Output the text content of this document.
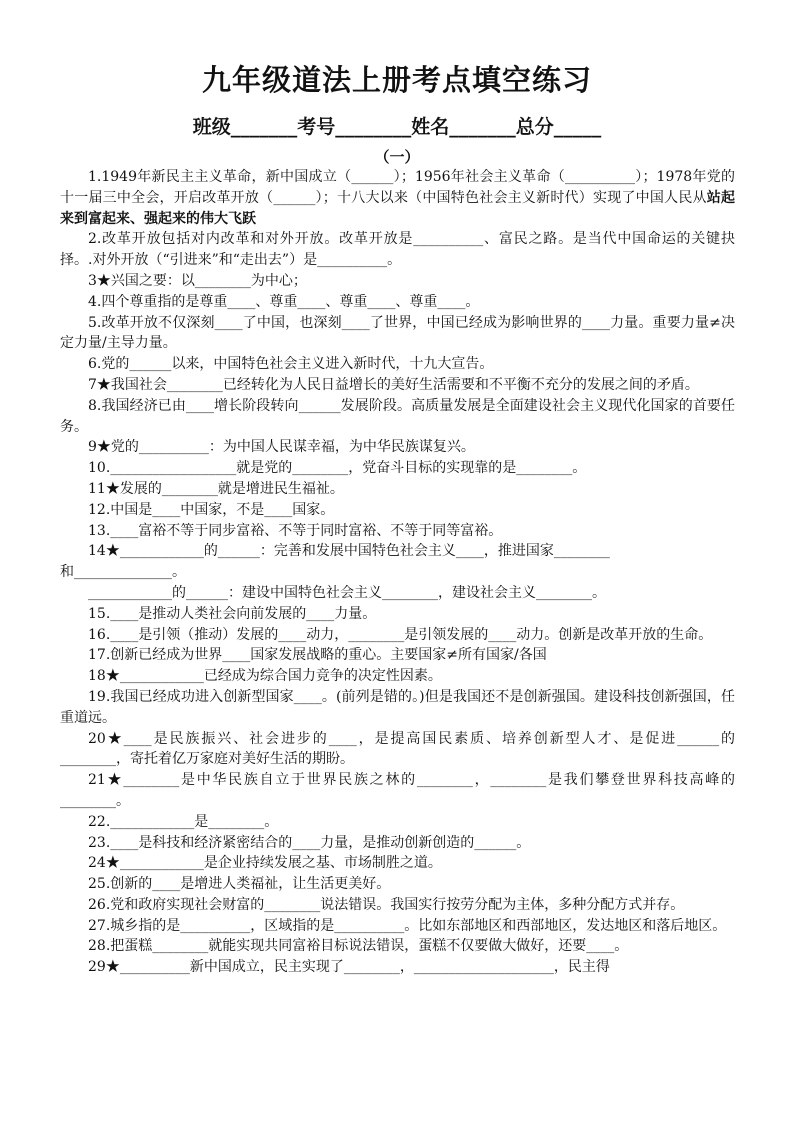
九年级道法上册考点填空练习
班级_______考号________姓名_______总分_____
（一）

1.1949年新民主主义革命，新中国成立（______）；1956年社会主义革命（__________）；1978年党的十一届三中全会，开启改革开放（______）；十八大以来（中国特色社会主义新时代）实现了中国人民从站起来到富起来、强起来的伟大飞跃

2.改革开放包括对内改革和对外开放。改革开放是__________、富民之路。是当代中国命运的关键抉择。.对外开放（“引进来”和“走出去”）是__________。

3★兴国之要：以________为中心；

4.四个尊重指的是尊重____、尊重____、尊重____、尊重____。

5.改革开放不仅深刻____了中国，也深刻____了世界，中国已经成为影响世界的____力量。重要力量≠决定力量/主导力量。

6.党的______以来，中国特色社会主义进入新时代，十九大宣告。

7★我国社会________已经转化为人民日益增长的美好生活需要和不平衡不充分的发展之间的矛盾。

8.我国经济已由____增长阶段转向______发展阶段。高质量发展是全面建设社会主义现代化国家的首要任务。

9★党的__________：为中国人民谋幸福，为中华民族谋复兴。

10.__________________就是党的________，党奋斗目标的实现靠的是________。

11★发展的________就是增进民生福祉。

12.中国是____中国家，不是____国家。

13.____富裕不等于同步富裕、不等于同时富裕、不等于同等富裕。

14★____________的______：完善和发展中国特色社会主义____，推进国家________

和______________。

____________的______：建设中国特色社会主义________，建设社会主义________。

15.____是推动人类社会向前发展的____力量。

16.____是引领（推动）发展的____动力，________是引领发展的____动力。创新是改革开放的生命。

17.创新已经成为世界____国家发展战略的重心。主要国家≠所有国家/各国

18★____________已经成为综合国力竞争的决定性因素。

19.我国已经成功进入创新型国家____。(前列是错的。)但是我国还不是创新强国。建设科技创新强国，任重道远。

20★____是民族振兴、社会进步的____，是提高国民素质、培养创新型人才、是促进______的________，寄托着亿万家庭对美好生活的期盼。

21★________是中华民族自立于世界民族之林的________，________是我们攀登世界科技高峰的________。

22.____________是________。

23.____是科技和经济紧密结合的____力量，是推动创新创造的______。

24★____________是企业持续发展之基、市场制胜之道。

25.创新的____是增进人类福祉，让生活更美好。

26.党和政府实现社会财富的________说法错误。我国实行按劳分配为主体，多种分配方式并存。

27.城乡指的是__________，区域指的是__________。比如东部地区和西部地区，发达地区和落后地区。

28.把蛋糕________就能实现共同富裕目标说法错误，蛋糕不仅要做大做好，还要____。

29★__________新中国成立，民主实现了________，____________________，民主得
